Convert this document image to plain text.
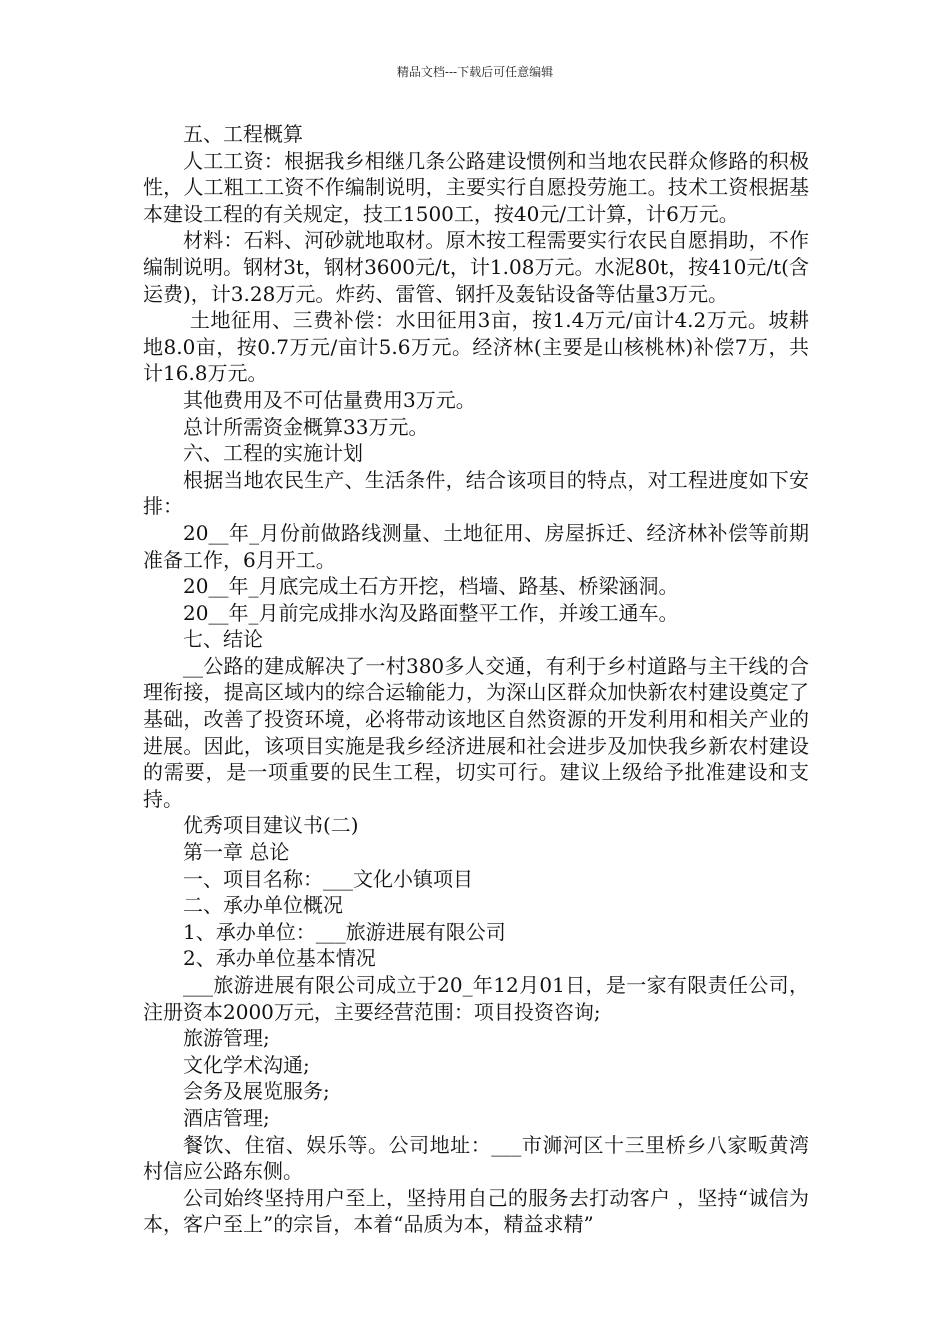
精品文档---下载后可任意编辑

五、工程概算

人工工资：根据我乡相继几条公路建设惯例和当地农民群众修路的积极性，人工粗工工资不作编制说明，主要实行自愿投劳施工。技术工资根据基本建设工程的有关规定，技工1500工，按40元/工计算，计6万元。

材料：石料、河砂就地取材。原木按工程需要实行农民自愿捐助，不作编制说明。钢材3t，钢材3600元/t，计1.08万元。水泥80t，按410元/t(含运费)，计3.28万元。炸药、雷管、钢扦及轰钻设备等估量3万元。

土地征用、三费补偿：水田征用3亩，按1.4万元/亩计4.2万元。坡耕地8.0亩，按0.7万元/亩计5.6万元。经济林(主要是山核桃林)补偿7万，共计16.8万元。

其他费用及不可估量费用3万元。

总计所需资金概算33万元。

六、工程的实施计划

根据当地农民生产、生活条件，结合该项目的特点，对工程进度如下安排：

20__年_月份前做路线测量、土地征用、房屋拆迁、经济林补偿等前期准备工作，6月开工。

20__年_月底完成土石方开挖，档墙、路基、桥梁涵洞。

20__年_月前完成排水沟及路面整平工作，并竣工通车。

七、结论

__公路的建成解决了一村380多人交通，有利于乡村道路与主干线的合理衔接，提高区域内的综合运输能力，为深山区群众加快新农村建设奠定了基础，改善了投资环境，必将带动该地区自然资源的开发利用和相关产业的进展。因此，该项目实施是我乡经济进展和社会进步及加快我乡新农村建设的需要，是一项重要的民生工程，切实可行。建议上级给予批准建设和支持。

优秀项目建议书(二)

第一章 总论

一、项目名称：___文化小镇项目

二、承办单位概况

1、承办单位：___旅游进展有限公司

2、承办单位基本情况

___旅游进展有限公司成立于20_年12月01日，是一家有限责任公司，注册资本2000万元，主要经营范围：项目投资咨询;

旅游管理;

文化学术沟通;

会务及展览服务;

酒店管理;

餐饮、住宿、娱乐等。公司地址：___市浉河区十三里桥乡八家畈黄湾村信应公路东侧。

公司始终坚持用户至上，坚持用自己的服务去打动客户 ，坚持“诚信为本，客户至上”的宗旨，本着“品质为本，精益求精”
